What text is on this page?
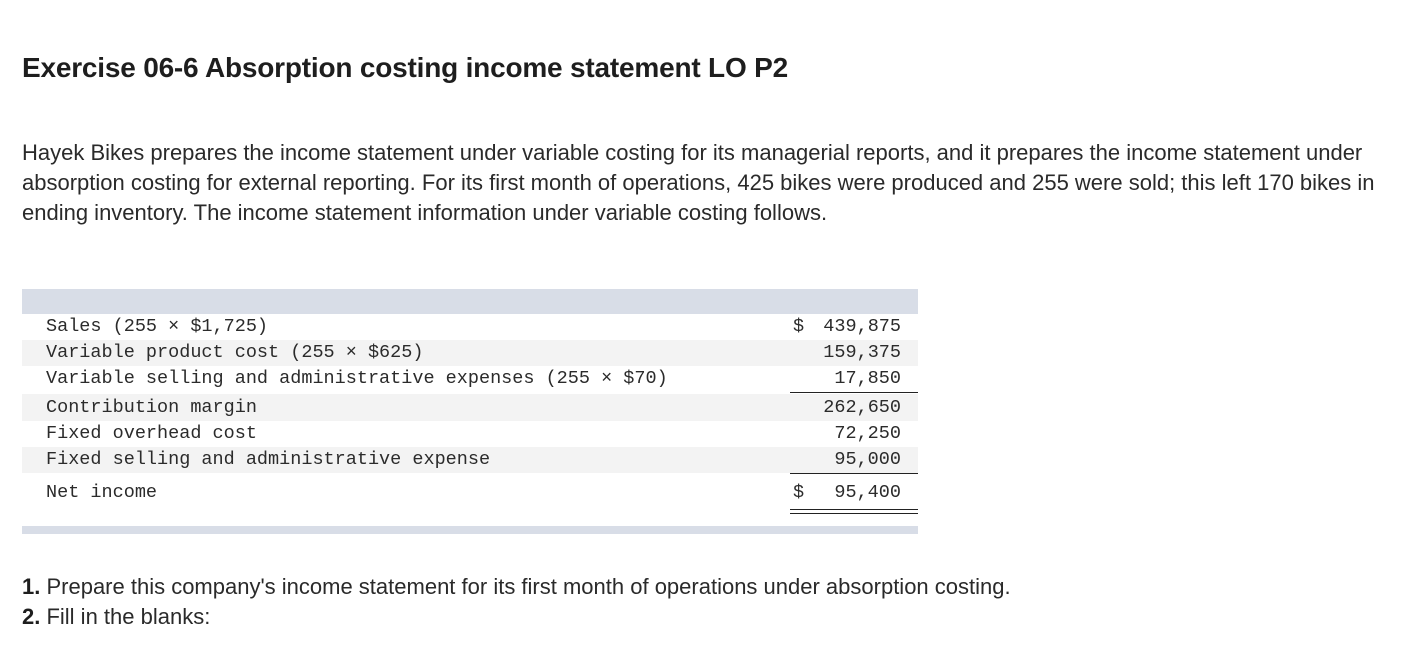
Exercise 06-6 Absorption costing income statement LO P2
Hayek Bikes prepares the income statement under variable costing for its managerial reports, and it prepares the income statement under absorption costing for external reporting. For its first month of operations, 425 bikes were produced and 255 were sold; this left 170 bikes in ending inventory. The income statement information under variable costing follows.
Sales (255 × $1,725)	$	439,875
Variable product cost (255 × $625)	159,375
Variable selling and administrative expenses (255 × $70)	17,850
Contribution margin	262,650
Fixed overhead cost	72,250
Fixed selling and administrative expense	95,000
Net income	$	95,400
1. Prepare this company's income statement for its first month of operations under absorption costing.
2. Fill in the blanks:
